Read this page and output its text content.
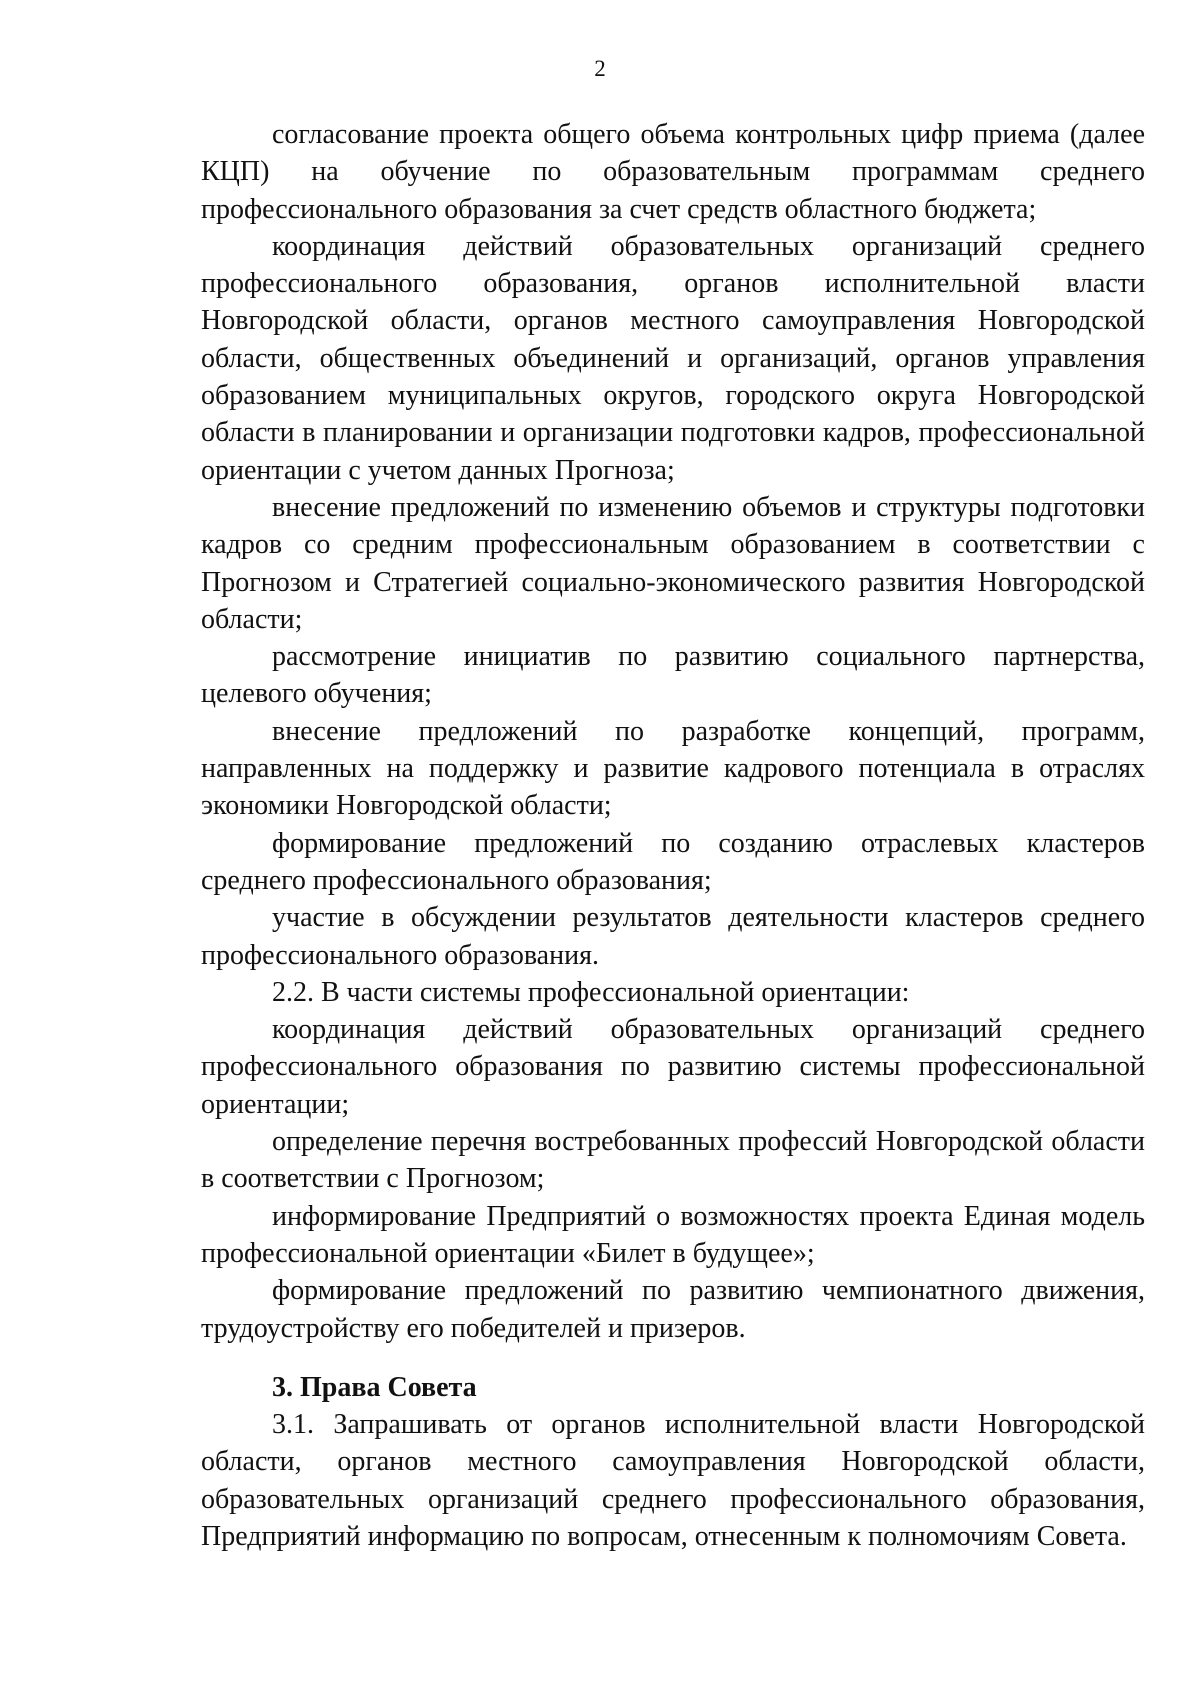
2

согласование проекта общего объема контрольных цифр приема (далее КЦП) на обучение по образовательным программам среднего профессионального образования за счет средств областного бюджета;

координация действий образовательных организаций среднего профессионального образования, органов исполнительной власти Новгородской области, органов местного самоуправления Новгородской области, общественных объединений и организаций, органов управления образованием муниципальных округов, городского округа Новгородской области в планировании и организации подготовки кадров, профессиональной ориентации с учетом данных Прогноза;

внесение предложений по изменению объемов и структуры подготовки кадров со средним профессиональным образованием в соответствии с Прогнозом и Стратегией социально-экономического развития Новгородской области;

рассмотрение инициатив по развитию социального партнерства, целевого обучения;

внесение предложений по разработке концепций, программ, направленных на поддержку и развитие кадрового потенциала в отраслях экономики Новгородской области;

формирование предложений по созданию отраслевых кластеров среднего профессионального образования;

участие в обсуждении результатов деятельности кластеров среднего профессионального образования.

2.2. В части системы профессиональной ориентации:

координация действий образовательных организаций среднего профессионального образования по развитию системы профессиональной ориентации;

определение перечня востребованных профессий Новгородской области в соответствии с Прогнозом;

информирование Предприятий о возможностях проекта Единая модель профессиональной ориентации «Билет в будущее»;

формирование предложений по развитию чемпионатного движения, трудоустройству его победителей и призеров.

3. Права Совета

3.1. Запрашивать от органов исполнительной власти Новгородской области, органов местного самоуправления Новгородской области, образовательных организаций среднего профессионального образования, Предприятий информацию по вопросам, отнесенным к полномочиям Совета.
